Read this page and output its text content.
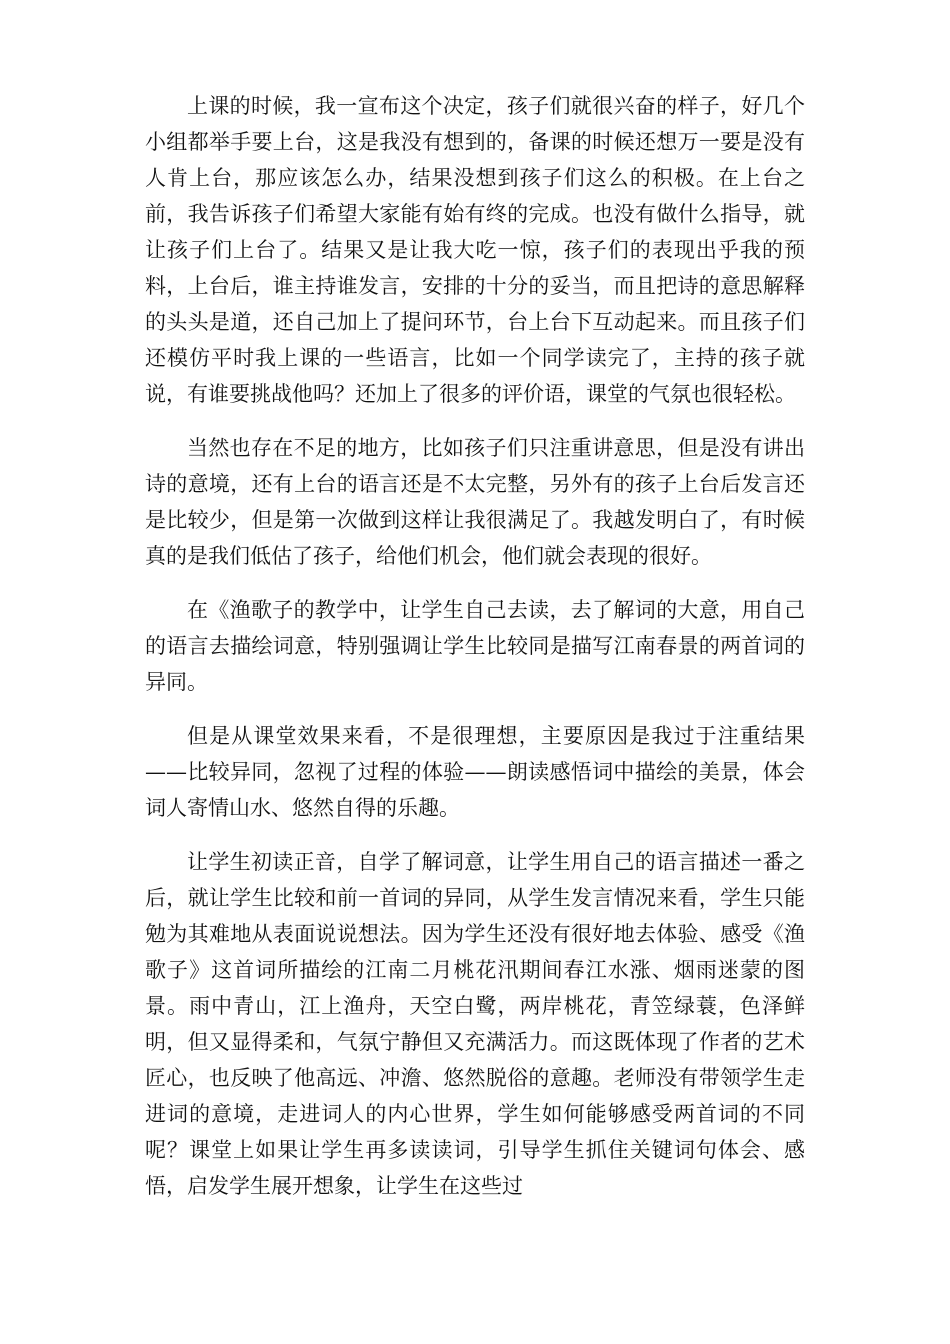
上课的时候，我一宣布这个决定，孩子们就很兴奋的样子，好几个小组都举手要上台，这是我没有想到的，备课的时候还想万一要是没有人肯上台，那应该怎么办，结果没想到孩子们这么的积极。在上台之前，我告诉孩子们希望大家能有始有终的完成。也没有做什么指导，就让孩子们上台了。结果又是让我大吃一惊，孩子们的表现出乎我的预料，上台后，谁主持谁发言，安排的十分的妥当，而且把诗的意思解释的头头是道，还自己加上了提问环节，台上台下互动起来。而且孩子们还模仿平时我上课的一些语言，比如一个同学读完了，主持的孩子就说，有谁要挑战他吗？还加上了很多的评价语，课堂的气氛也很轻松。

当然也存在不足的地方，比如孩子们只注重讲意思，但是没有讲出诗的意境，还有上台的语言还是不太完整，另外有的孩子上台后发言还是比较少，但是第一次做到这样让我很满足了。我越发明白了，有时候真的是我们低估了孩子，给他们机会，他们就会表现的很好。

在《渔歌子的教学中，让学生自己去读，去了解词的大意，用自己的语言去描绘词意，特别强调让学生比较同是描写江南春景的两首词的异同。

但是从课堂效果来看，不是很理想，主要原因是我过于注重结果——比较异同，忽视了过程的体验——朗读感悟词中描绘的美景，体会词人寄情山水、悠然自得的乐趣。

让学生初读正音，自学了解词意，让学生用自己的语言描述一番之后，就让学生比较和前一首词的异同，从学生发言情况来看，学生只能勉为其难地从表面说说想法。因为学生还没有很好地去体验、感受《渔歌子》这首词所描绘的江南二月桃花汛期间春江水涨、烟雨迷蒙的图景。雨中青山，江上渔舟，天空白鹭，两岸桃花，青笠绿蓑，色泽鲜明，但又显得柔和，气氛宁静但又充满活力。而这既体现了作者的艺术匠心，也反映了他高远、冲澹、悠然脱俗的意趣。老师没有带领学生走进词的意境，走进词人的内心世界，学生如何能够感受两首词的不同呢？课堂上如果让学生再多读读词，引导学生抓住关键词句体会、感悟，启发学生展开想象，让学生在这些过
